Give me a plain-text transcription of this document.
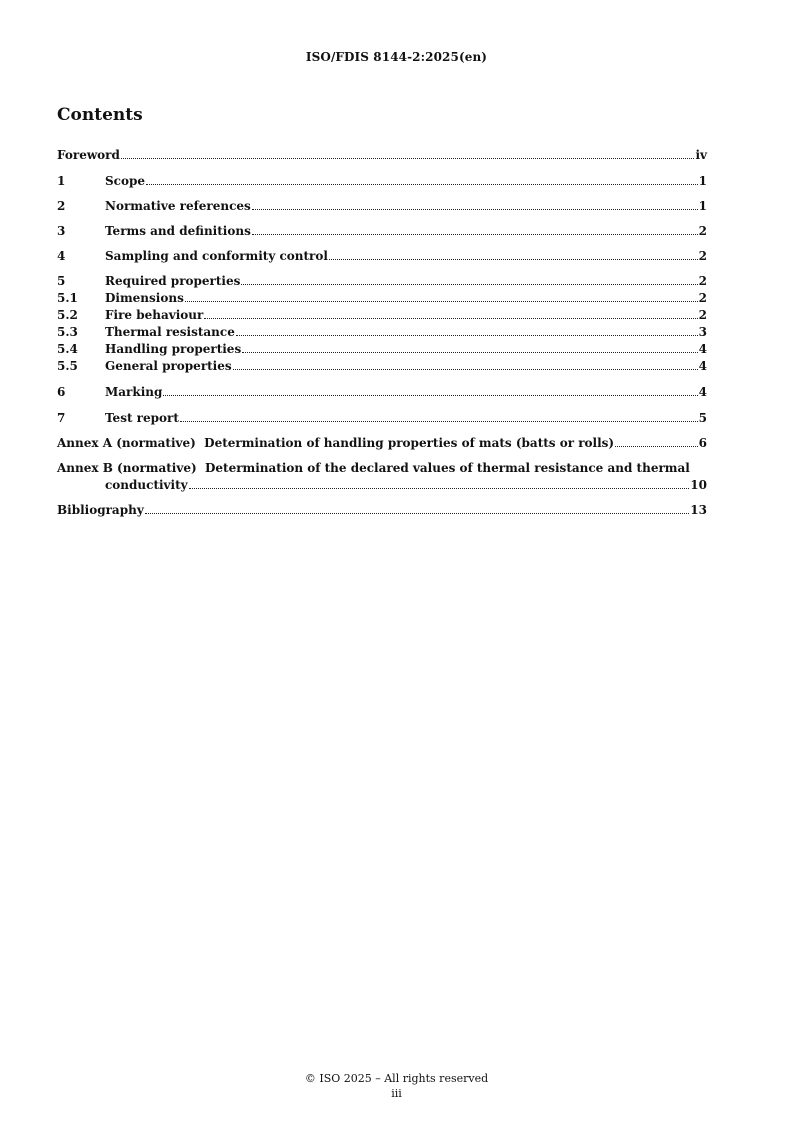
ISO/FDIS 8144-2:2025(en)
Contents
Foreword	iv
1	Scope	1
2	Normative references	1
3	Terms and definitions	2
4	Sampling and conformity control	2
5	Required properties	2
5.1	Dimensions	2
5.2	Fire behaviour	2
5.3	Thermal resistance	3
5.4	Handling properties	4
5.5	General properties	4
6	Marking	4
7	Test report	5
Annex A (normative)  Determination of handling properties of mats (batts or rolls)	6
Annex B (normative)  Determination of the declared values of thermal resistance and thermal
conductivity	10
Bibliography	13
© ISO 2025 – All rights reserved
iii
